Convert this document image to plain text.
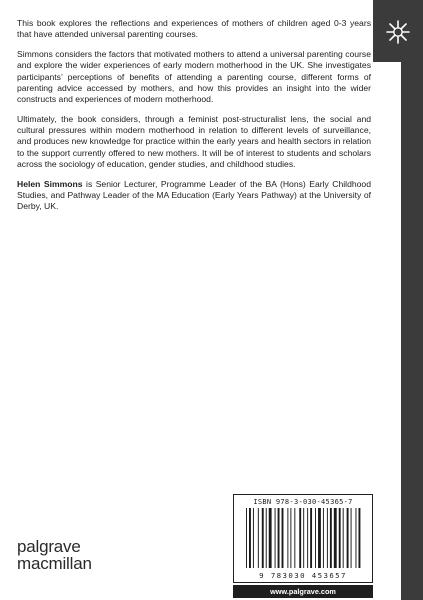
This book explores the reflections and experiences of mothers of children aged 0-3 years that have attended universal parenting courses.

Simmons considers the factors that motivated mothers to attend a universal parenting course and explore the wider experiences of early modern motherhood in the UK. She investigates participants’ perceptions of benefits of attending a parenting course, different forms of parenting advice accessed by mothers, and how this provides an insight into the wider constructs and experiences of modern motherhood.

Ultimately, the book considers, through a feminist post-structuralist lens, the social and cultural pressures within modern motherhood in relation to different levels of surveillance, and produces new knowledge for practice within the early years and health sectors in relation to the support currently offered to new mothers. It will be of interest to students and scholars across the sociology of education, gender studies, and childhood studies.

Helen Simmons is Senior Lecturer, Programme Leader of the BA (Hons) Early Childhood Studies, and Pathway Leader of the MA Education (Early Years Pathway) at the University of Derby, UK.

ISBN 978-3-030-45365-7
9 783030 453657
www.palgrave.com
palgrave
macmillan
